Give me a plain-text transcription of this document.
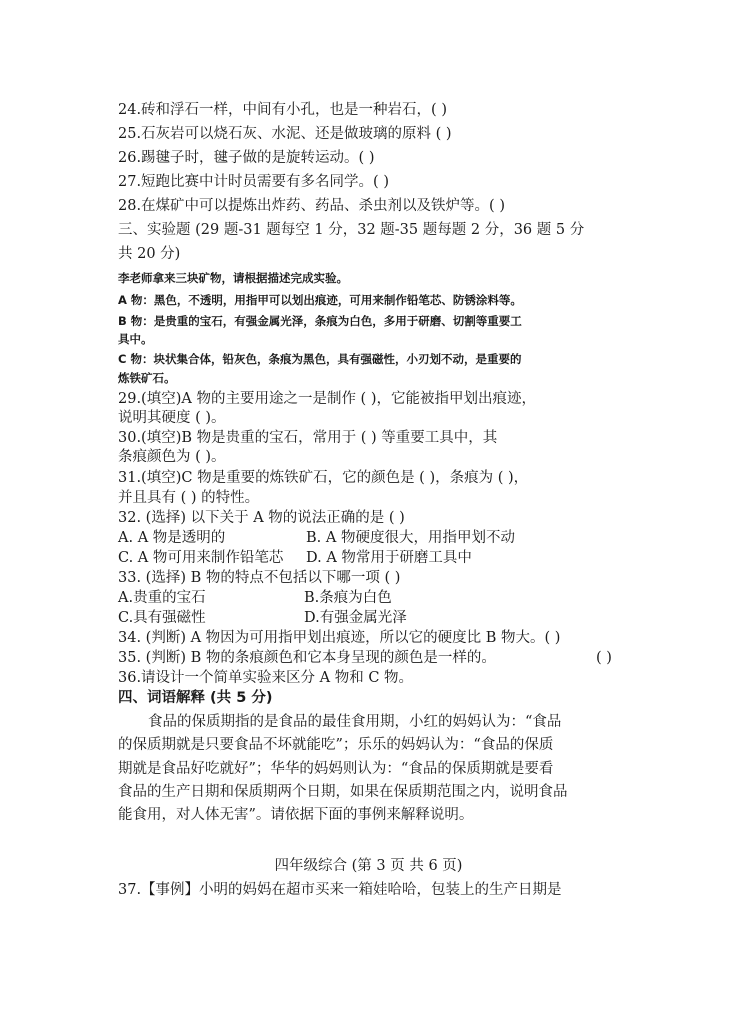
24.砖和浮石一样，中间有小孔，也是一种岩石，( )
25.石灰岩可以烧石灰、水泥、还是做玻璃的原料 ( )
26.踢毽子时，毽子做的是旋转运动。( )
27.短跑比赛中计时员需要有多名同学。( )
28.在煤矿中可以提炼出炸药、药品、杀虫剂以及铁炉等。( )
三、实验题 (29 题-31 题每空 1 分，32 题-35 题每题 2 分，36 题 5 分
共 20 分)
李老师拿来三块矿物，请根据描述完成实验。
A 物：黑色，不透明，用指甲可以划出痕迹，可用来制作铅笔芯、防锈涂料等。
B 物：是贵重的宝石，有强金属光泽，条痕为白色，多用于研磨、切割等重要工
具中。
C 物：块状集合体，铅灰色，条痕为黑色，具有强磁性，小刃划不动，是重要的
炼铁矿石。
29.(填空)A 物的主要用途之一是制作 ( )，它能被指甲划出痕迹，
说明其硬度 ( )。
30.(填空)B 物是贵重的宝石，常用于 ( ) 等重要工具中，其
条痕颜色为 ( )。
31.(填空)C 物是重要的炼铁矿石，它的颜色是 ( )，条痕为 ( )，
并且具有 ( ) 的特性。
32. (选择) 以下关于 A 物的说法正确的是 ( )
A. A 物是透明的	B. A 物硬度很大，用指甲划不动
C. A 物可用来制作铅笔芯 D. A 物常用于研磨工具中
33. (选择) B 物的特点不包括以下哪一项 ( )
A.贵重的宝石	B.条痕为白色
C.具有强磁性	D.有强金属光泽
34. (判断) A 物因为可用指甲划出痕迹，所以它的硬度比 B 物大。( )
35. (判断) B 物的条痕颜色和它本身呈现的颜色是一样的。	( )
36.请设计一个简单实验来区分 A 物和 C 物。
四、词语解释 (共 5 分)
食品的保质期指的是食品的最佳食用期，小红的妈妈认为：“食品
的保质期就是只要食品不坏就能吃”；乐乐的妈妈认为：“食品的保质
期就是食品好吃就好”；华华的妈妈则认为：“食品的保质期就是要看
食品的生产日期和保质期两个日期，如果在保质期范围之内，说明食品
能食用，对人体无害”。请依据下面的事例来解释说明。
四年级综合 (第 3 页 共 6 页)
37.【事例】小明的妈妈在超市买来一箱娃哈哈，包装上的生产日期是
